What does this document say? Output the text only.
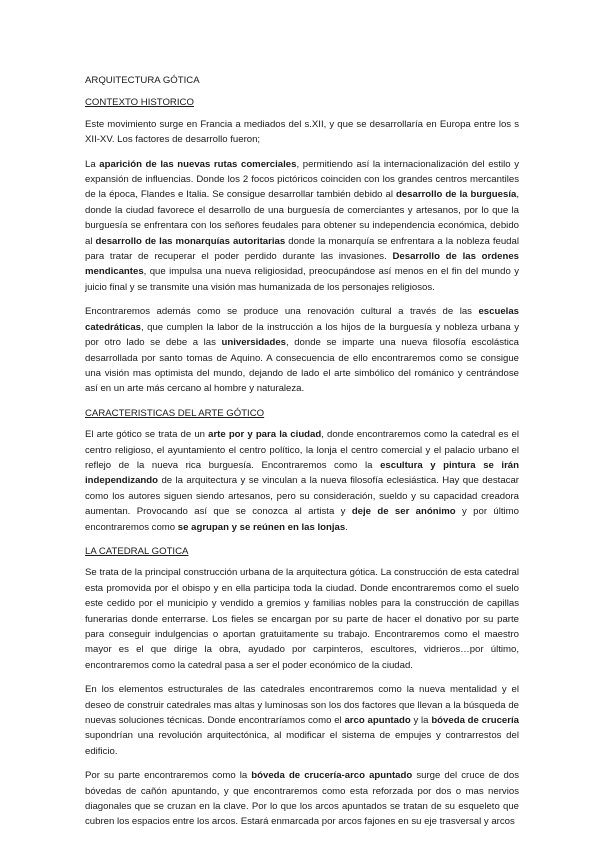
ARQUITECTURA GÓTICA
CONTEXTO HISTORICO

Este movimiento surge en Francia a mediados del s.XII, y que se desarrollaría en Europa entre los s XII-XV. Los factores de desarrollo fueron;

La aparición de las nuevas rutas comerciales, permitiendo así la internacionalización del estilo y expansión de influencias. Donde los 2 focos pictóricos coinciden con los grandes centros mercantiles de la época, Flandes e Italia. Se consigue desarrollar también debido al desarrollo de la burguesía, donde la ciudad favorece el desarrollo de una burguesía de comerciantes y artesanos, por lo que la burguesía se enfrentara con los señores feudales para obtener su independencia económica, debido al desarrollo de las monarquías autoritarias donde la monarquía se enfrentara a la nobleza feudal para tratar de recuperar el poder perdido durante las invasiones. Desarrollo de las ordenes mendicantes, que impulsa una nueva religiosidad, preocupándose así menos en el fin del mundo y juicio final y se transmite una visión mas humanizada de los personajes religiosos.

Encontraremos además como se produce una renovación cultural a través de las escuelas catedráticas, que cumplen la labor de la instrucción a los hijos de la burguesía y nobleza urbana y por otro lado se debe a las universidades, donde se imparte una nueva filosofía escolástica desarrollada por santo tomas de Aquino. A consecuencia de ello encontraremos como se consigue una visión mas optimista del mundo, dejando de lado el arte simbólico del románico y centrándose así en un arte más cercano al hombre y naturaleza.

CARACTERISTICAS DEL ARTE GÓTICO

El arte gótico se trata de un arte por y para la ciudad, donde encontraremos como la catedral es el centro religioso, el ayuntamiento el centro político, la lonja el centro comercial y el palacio urbano el reflejo de la nueva rica burguesía. Encontraremos como la escultura y pintura se irán independizando de la arquitectura y se vinculan a la nueva filosofía eclesiástica. Hay que destacar como los autores siguen siendo artesanos, pero su consideración, sueldo y su capacidad creadora aumentan. Provocando así que se conozca al artista y deje de ser anónimo y por último encontraremos como se agrupan y se reúnen en las lonjas.

LA CATEDRAL GOTICA

Se trata de la principal construcción urbana de la arquitectura gótica. La construcción de esta catedral esta promovida por el obispo y en ella participa toda la ciudad. Donde encontraremos como el suelo este cedido por el municipio y vendido a gremios y familias nobles para la construcción de capillas funerarias donde enterrarse. Los fieles se encargan por su parte de hacer el donativo por su parte para conseguir indulgencias o aportan gratuitamente su trabajo. Encontraremos como el maestro mayor es el que dirige la obra, ayudado por carpinteros, escultores, vidrieros…por último, encontraremos como la catedral pasa a ser el poder económico de la ciudad.

En los elementos estructurales de las catedrales encontraremos como la nueva mentalidad y el deseo de construir catedrales mas altas y luminosas son los dos factores que llevan a la búsqueda de nuevas soluciones técnicas. Donde encontraríamos como el arco apuntado y la bóveda de crucería supondrían una revolución arquitectónica, al modificar el sistema de empujes y contrarrestos del edificio.

Por su parte encontraremos como la bóveda de crucería-arco apuntado surge del cruce de dos bóvedas de cañón apuntando, y que encontraremos como esta reforzada por dos o mas nervios diagonales que se cruzan en la clave. Por lo que los arcos apuntados se tratan de su esqueleto que cubren los espacios entre los arcos. Estará enmarcada por arcos fajones en su eje trasversal y arcos
